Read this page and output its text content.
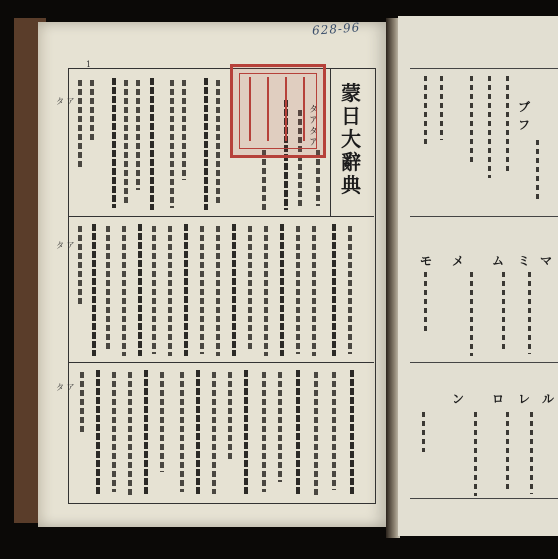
628-96
1
タ ア
タ ア
タ ア
蒙日大辭典
タアタア	ブ
フ
モ メ ム ミ マ
ン ロ レ ル
